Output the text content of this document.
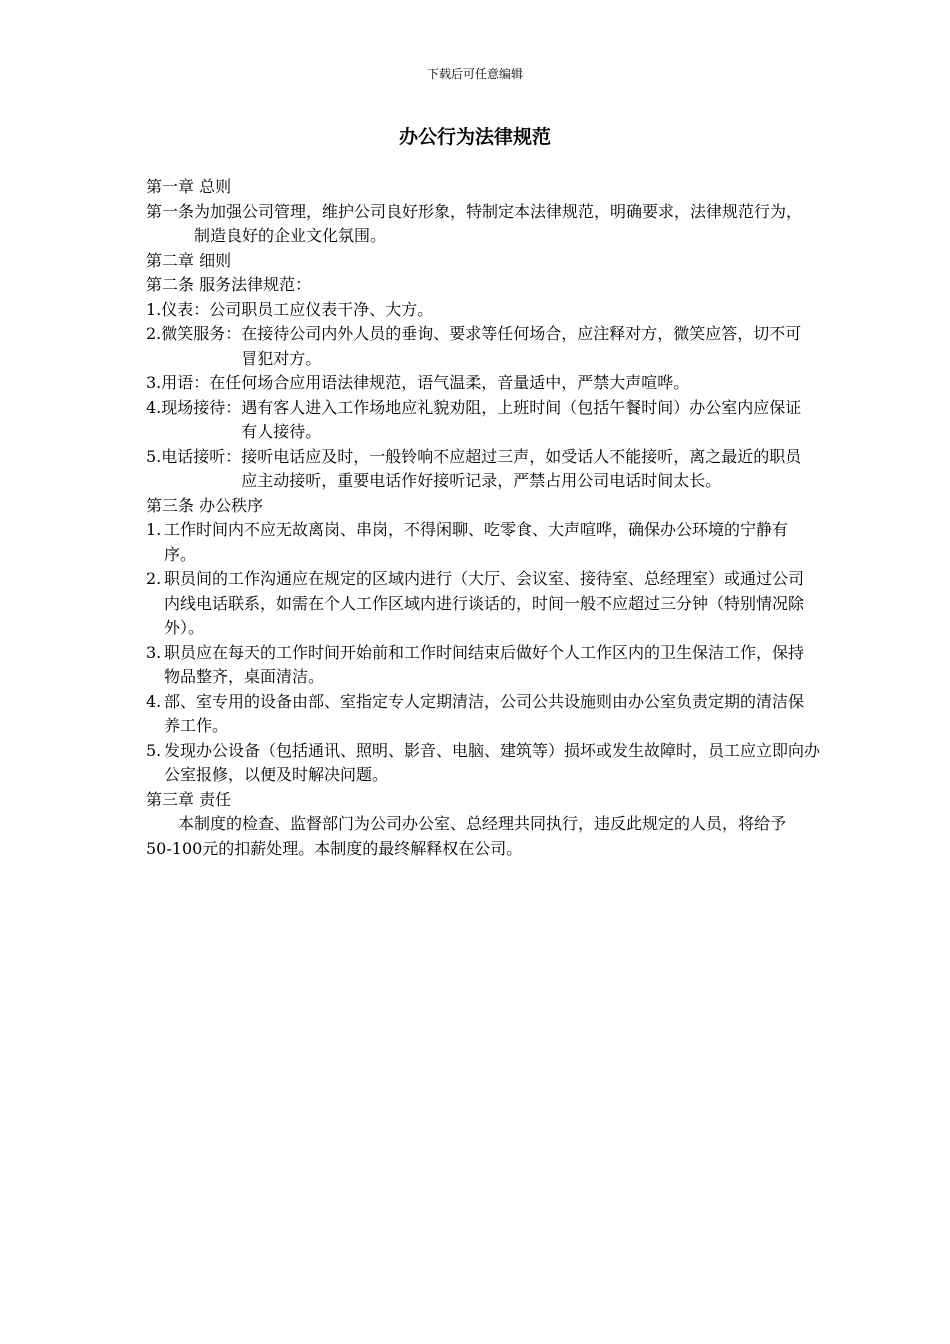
下载后可任意编辑
办公行为法律规范

第一章 总则

第一条 为加强公司管理，维护公司良好形象，特制定本法律规范，明确要求，法律规范行为，制造良好的企业文化氛围。

第二章 细则

第二条 服务法律规范：

1. 仪表： 公司职员工应仪表干净、大方。
2. 微笑服务： 在接待公司内外人员的垂询、要求等任何场合，应注释对方，微笑应答，切不可冒犯对方。
3. 用语： 在任何场合应用语法律规范，语气温柔，音量适中，严禁大声喧哗。
4. 现场接待： 遇有客人进入工作场地应礼貌劝阻，上班时间（包括午餐时间）办公室内应保证有人接待。
5. 电话接听： 接听电话应及时，一般铃响不应超过三声，如受话人不能接听，离之最近的职员应主动接听，重要电话作好接听记录，严禁占用公司电话时间太长。

第三条 办公秩序

1. 工作时间内不应无故离岗、串岗，不得闲聊、吃零食、大声喧哗，确保办公环境的宁静有序。
2. 职员间的工作沟通应在规定的区域内进行（大厅、会议室、接待室、总经理室）或通过公司内线电话联系，如需在个人工作区域内进行谈话的，时间一般不应超过三分钟（特别情况除外）。
3. 职员应在每天的工作时间开始前和工作时间结束后做好个人工作区内的卫生保洁工作，保持物品整齐，桌面清洁。
4. 部、室专用的设备由部、室指定专人定期清洁，公司公共设施则由办公室负责定期的清洁保养工作。
5. 发现办公设备（包括通讯、照明、影音、电脑、建筑等）损坏或发生故障时，员工应立即向办公室报修，以便及时解决问题。

第三章 责任

本制度的检查、监督部门为公司办公室、总经理共同执行，违反此规定的人员，将给予50-100元的扣薪处理。本制度的最终解释权在公司。
